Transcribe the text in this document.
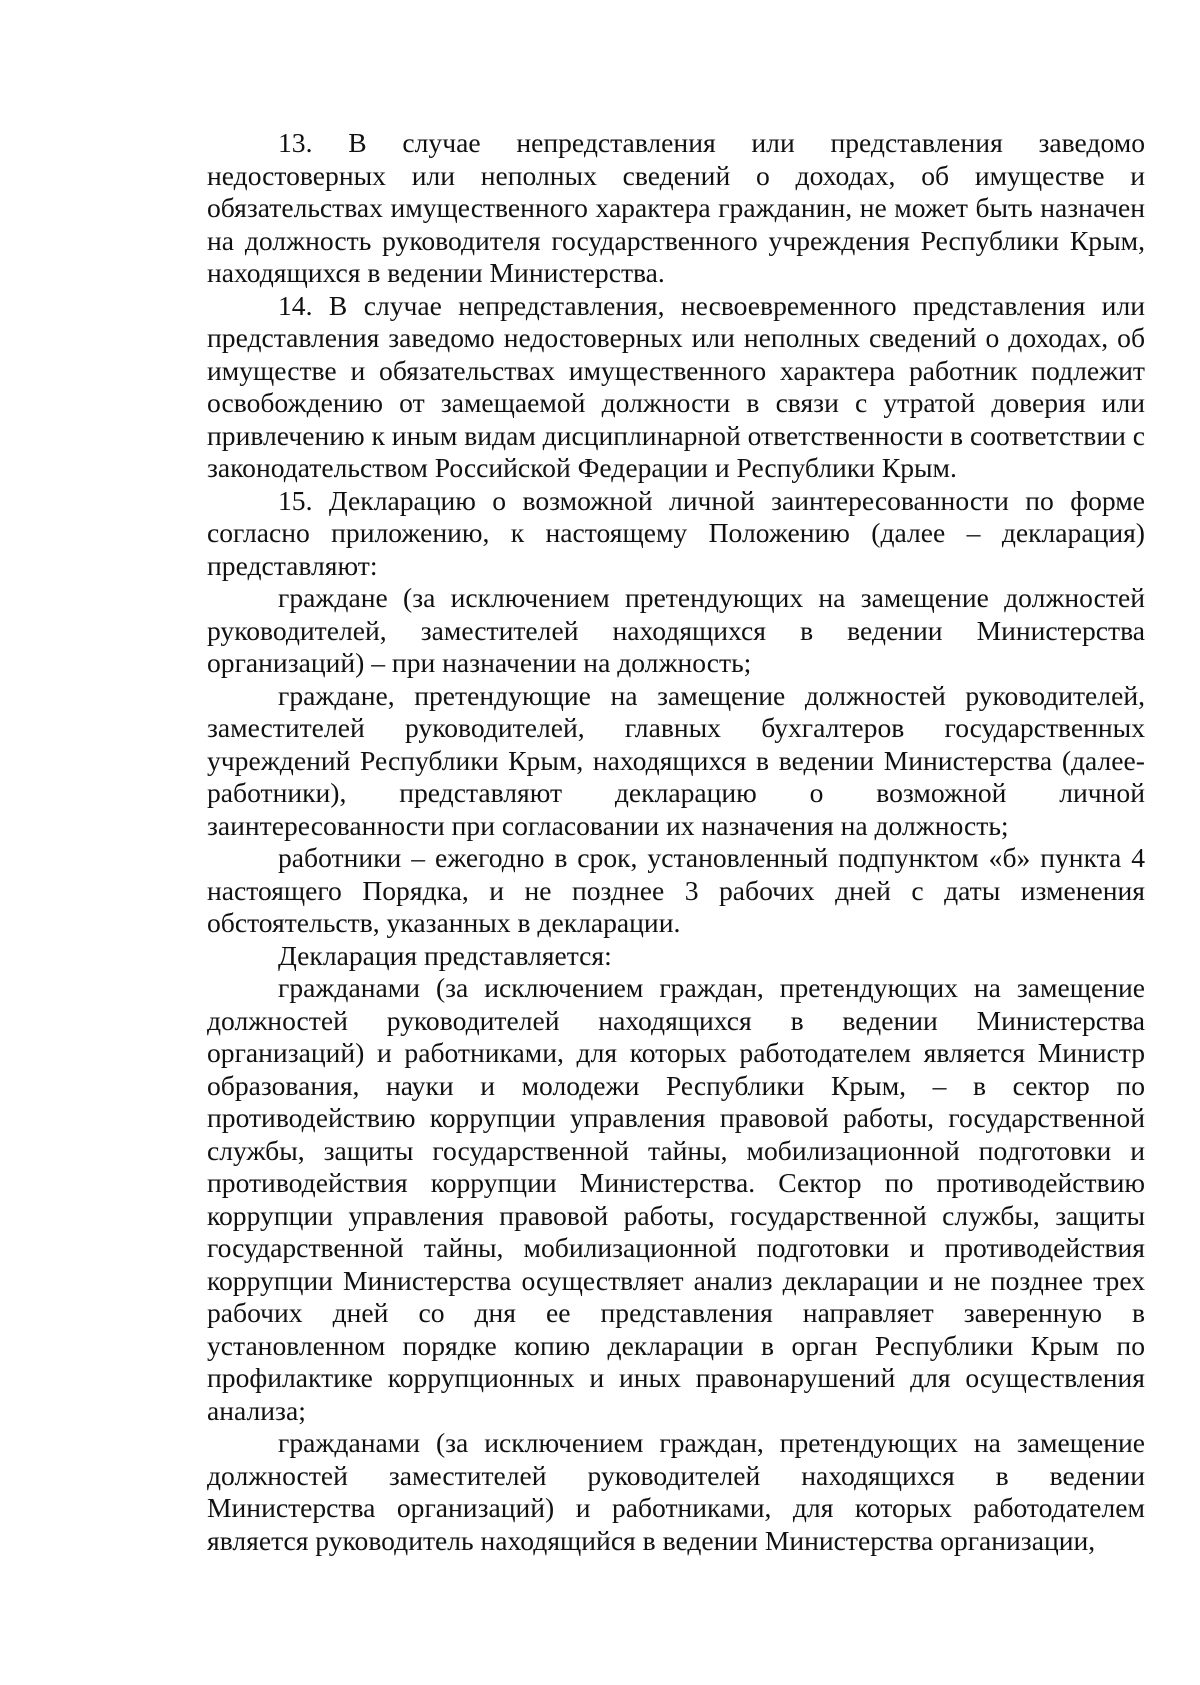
13. В случае непредставления или представления заведомо недостоверных или неполных сведений о доходах, об имуществе и обязательствах имущественного характера гражданин, не может быть назначен на должность руководителя государственного учреждения Республики Крым, находящихся в ведении Министерства.

14. В случае непредставления, несвоевременного представления или представления заведомо недостоверных или неполных сведений о доходах, об имуществе и обязательствах имущественного характера работник подлежит освобождению от замещаемой должности в связи с утратой доверия или привлечению к иным видам дисциплинарной ответственности в соответствии с законодательством Российской Федерации и Республики Крым.

15. Декларацию о возможной личной заинтересованности по форме согласно приложению, к настоящему Положению (далее – декларация) представляют:

граждане (за исключением претендующих на замещение должностей руководителей, заместителей находящихся в ведении Министерства организаций) – при назначении на должность;

граждане, претендующие на замещение должностей руководителей, заместителей руководителей, главных бухгалтеров государственных учреждений Республики Крым, находящихся в ведении Министерства (далее-работники), представляют декларацию о возможной личной заинтересованности при согласовании их назначения на должность;

работники – ежегодно в срок, установленный подпунктом «б» пункта 4 настоящего Порядка, и не позднее 3 рабочих дней с даты изменения обстоятельств, указанных в декларации.

Декларация представляется:

гражданами (за исключением граждан, претендующих на замещение должностей руководителей находящихся в ведении Министерства организаций) и работниками, для которых работодателем является Министр образования, науки и молодежи Республики Крым, – в сектор по противодействию коррупции управления правовой работы, государственной службы, защиты государственной тайны, мобилизационной подготовки и противодействия коррупции Министерства. Сектор по противодействию коррупции управления правовой работы, государственной службы, защиты государственной тайны, мобилизационной подготовки и противодействия коррупции Министерства осуществляет анализ декларации и не позднее трех рабочих дней со дня ее представления направляет заверенную в установленном порядке копию декларации в орган Республики Крым по профилактике коррупционных и иных правонарушений для осуществления анализа;

гражданами (за исключением граждан, претендующих на замещение должностей заместителей руководителей находящихся в ведении Министерства организаций) и работниками, для которых работодателем является руководитель находящийся в ведении Министерства организации,
